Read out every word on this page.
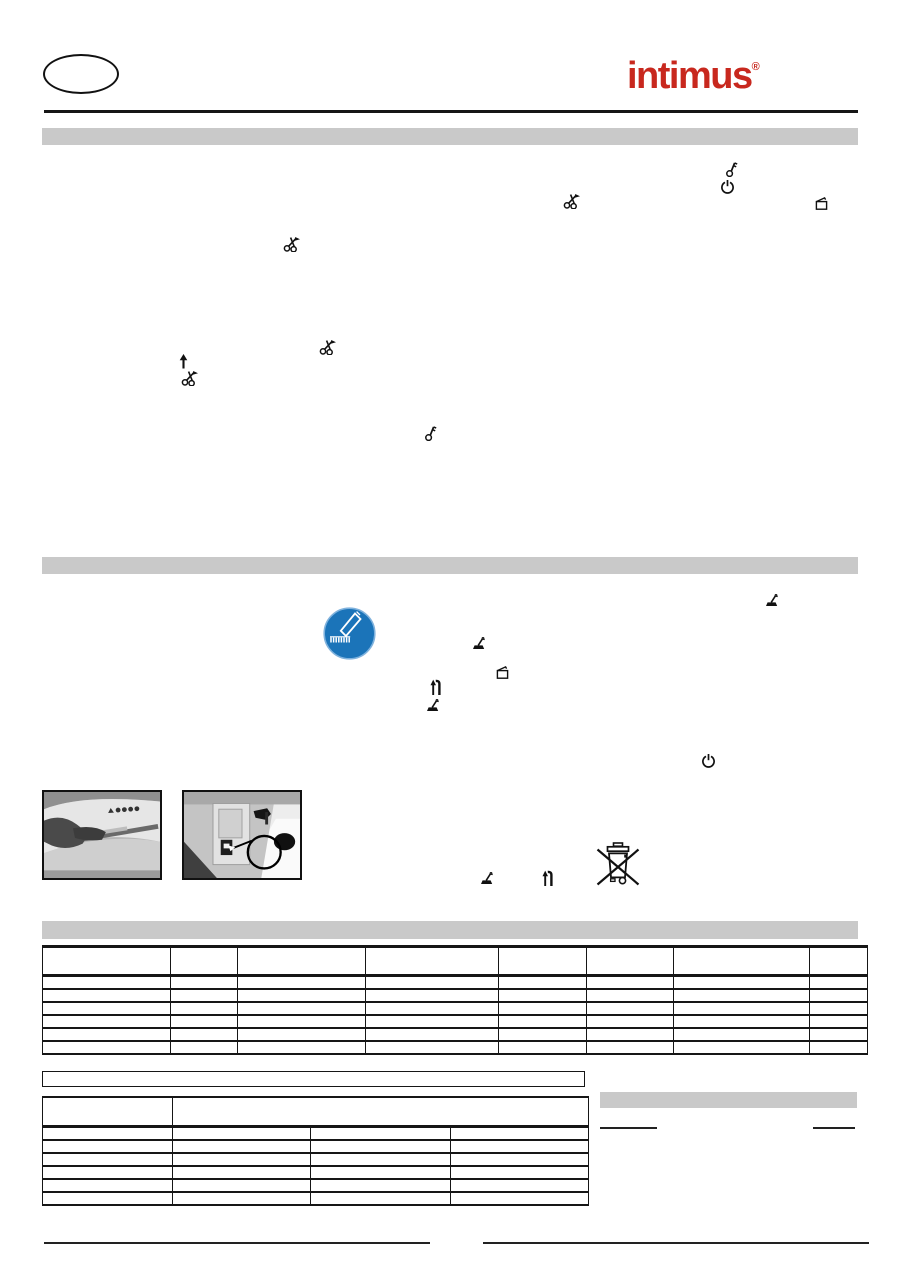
intimus®
